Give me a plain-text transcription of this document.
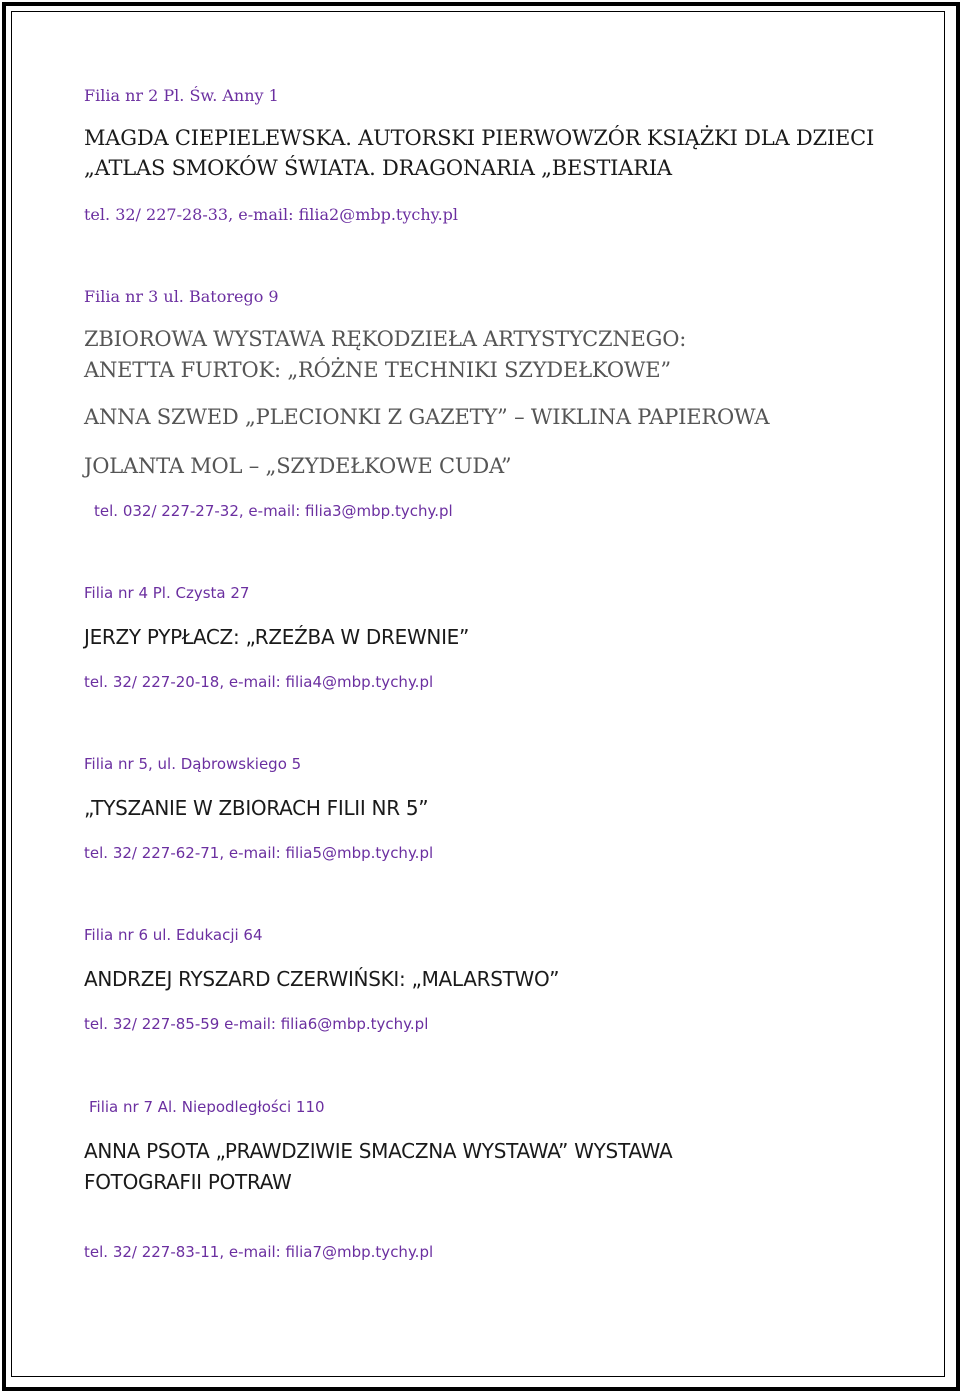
Filia nr 2 Pl. Św. Anny 1
MAGDA CIEPIELEWSKA. AUTORSKI PIERWOWZÓR KSIĄŻKI DLA DZIECI
„ATLAS SMOKÓW ŚWIATA. DRAGONARIA „BESTIARIA
tel. 32/ 227-28-33, e-mail: filia2@mbp.tychy.pl
Filia nr 3 ul. Batorego 9
ZBIOROWA WYSTAWA RĘKODZIEŁA ARTYSTYCZNEGO:
ANETTA FURTOK: „RÓŻNE TECHNIKI SZYDEŁKOWE”
ANNA SZWED „PLECIONKI Z GAZETY” – WIKLINA PAPIEROWA
JOLANTA MOL – „SZYDEŁKOWE CUDA”
tel. 032/ 227-27-32, e-mail: filia3@mbp.tychy.pl
Filia nr 4 Pl. Czysta 27
JERZY PYPŁACZ: „RZEŹBA W DREWNIE”
tel. 32/ 227-20-18, e-mail: filia4@mbp.tychy.pl
Filia nr 5, ul. Dąbrowskiego 5
„TYSZANIE W ZBIORACH FILII NR 5”
tel. 32/ 227-62-71, e-mail: filia5@mbp.tychy.pl
Filia nr 6 ul. Edukacji 64
ANDRZEJ RYSZARD CZERWIŃSKI: „MALARSTWO”
tel. 32/ 227-85-59 e-mail: filia6@mbp.tychy.pl
Filia nr 7 Al. Niepodległości 110
ANNA PSOTA „PRAWDZIWIE SMACZNA WYSTAWA” WYSTAWA
FOTOGRAFII POTRAW
tel. 32/ 227-83-11, e-mail: filia7@mbp.tychy.pl
